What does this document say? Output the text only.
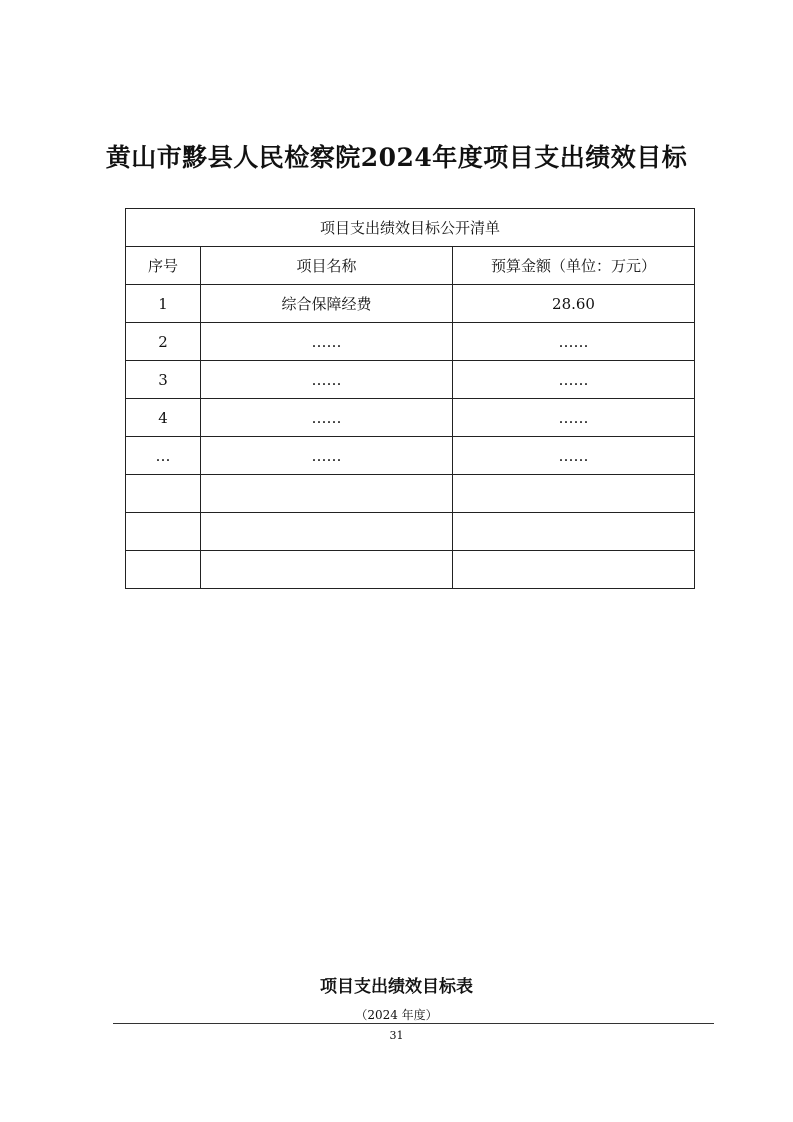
黄山市黟县人民检察院2024年度项目支出绩效目标
项目支出绩效目标公开清单		
序号	项目名称	预算金额（单位：万元）
1	综合保障经费	28.60
2	……	……
3	……	……
4	……	……
…	……	……

项目支出绩效目标表
（2024 年度）
31
